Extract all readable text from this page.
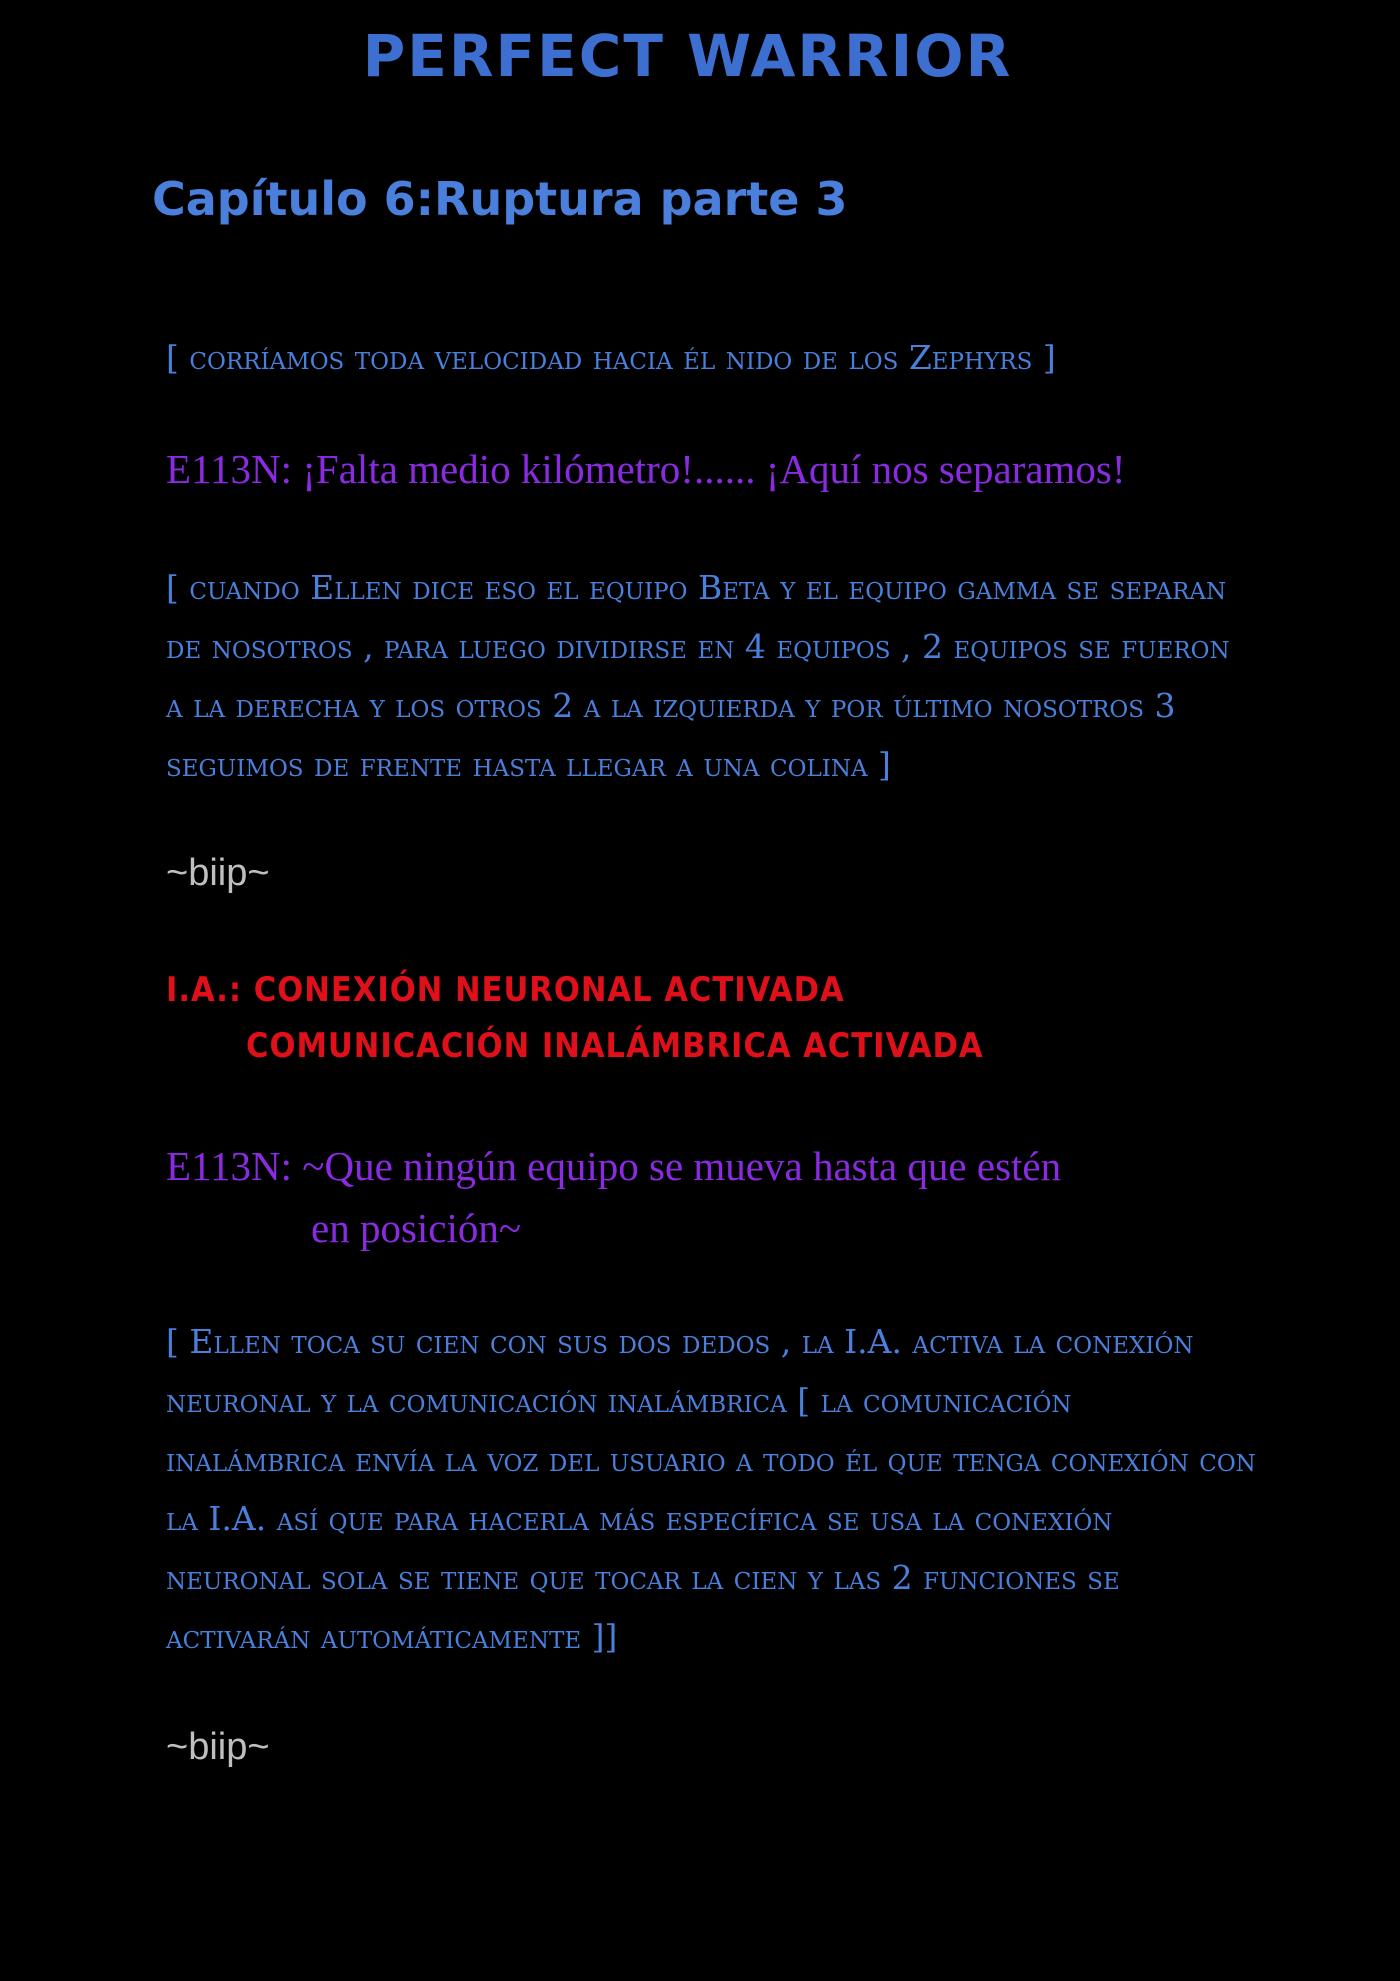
PERFECT WARRIOR
Capítulo 6:Ruptura parte 3

[ corríamos toda velocidad hacia él nido de los Zephyrs ]

E113N: ¡Falta medio kilómetro!...... ¡Aquí nos separamos!

[ cuando Ellen dice eso el equipo Beta y el equipo gamma se separan de nosotros , para luego dividirse en 4 equipos , 2 equipos se fueron a la derecha y los otros 2 a la izquierda y por último nosotros 3 seguimos de frente hasta llegar a una colina ]

~biip~

I.A.: CONEXIÓN NEURONAL ACTIVADA
COMUNICACIÓN INALÁMBRICA ACTIVADA

E113N: ~Que ningún equipo se mueva hasta que estén
en posición~

[ Ellen toca su cien con sus dos dedos , la I.A. activa la conexión neuronal y la comunicación inalámbrica [ la comunicación inalámbrica envía la voz del usuario a todo él que tenga conexión con la I.A. así que para hacerla más específica se usa la conexión neuronal sola se tiene que tocar la cien y las 2 funciones se activarán automáticamente ]]

~biip~
